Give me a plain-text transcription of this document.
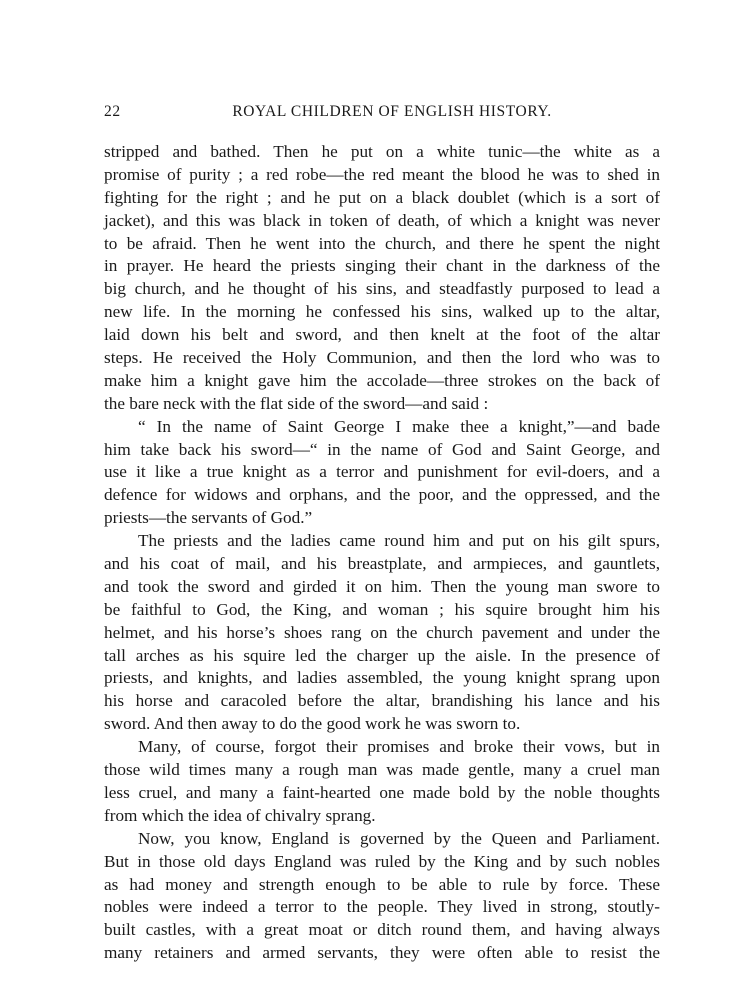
22	ROYAL CHILDREN OF ENGLISH HISTORY.
stripped and bathed. Then he put on a white tunic—the white as a
promise of purity ; a red robe—the red meant the blood he was to shed in
fighting for the right ; and he put on a black doublet (which is a sort of
jacket), and this was black in token of death, of which a knight was never
to be afraid. Then he went into the church, and there he spent the night
in prayer. He heard the priests singing their chant in the darkness of the
big church, and he thought of his sins, and steadfastly purposed to lead a
new life. In the morning he confessed his sins, walked up to the altar,
laid down his belt and sword, and then knelt at the foot of the altar
steps. He received the Holy Communion, and then the lord who was to
make him a knight gave him the accolade—three strokes on the back of
the bare neck with the flat side of the sword—and said :
“ In the name of Saint George I make thee a knight,”—and bade
him take back his sword—“ in the name of God and Saint George, and
use it like a true knight as a terror and punishment for evil-doers, and a
defence for widows and orphans, and the poor, and the oppressed, and the
priests—the servants of God.”
The priests and the ladies came round him and put on his gilt spurs,
and his coat of mail, and his breastplate, and armpieces, and gauntlets,
and took the sword and girded it on him. Then the young man swore to
be faithful to God, the King, and woman ; his squire brought him his
helmet, and his horse’s shoes rang on the church pavement and under the
tall arches as his squire led the charger up the aisle. In the presence of
priests, and knights, and ladies assembled, the young knight sprang upon
his horse and caracoled before the altar, brandishing his lance and his
sword. And then away to do the good work he was sworn to.
Many, of course, forgot their promises and broke their vows, but in
those wild times many a rough man was made gentle, many a cruel man
less cruel, and many a faint-hearted one made bold by the noble thoughts
from which the idea of chivalry sprang.
Now, you know, England is governed by the Queen and Parliament.
But in those old days England was ruled by the King and by such nobles
as had money and strength enough to be able to rule by force. These
nobles were indeed a terror to the people. They lived in strong, stoutly-
built castles, with a great moat or ditch round them, and having always
many retainers and armed servants, they were often able to resist the
